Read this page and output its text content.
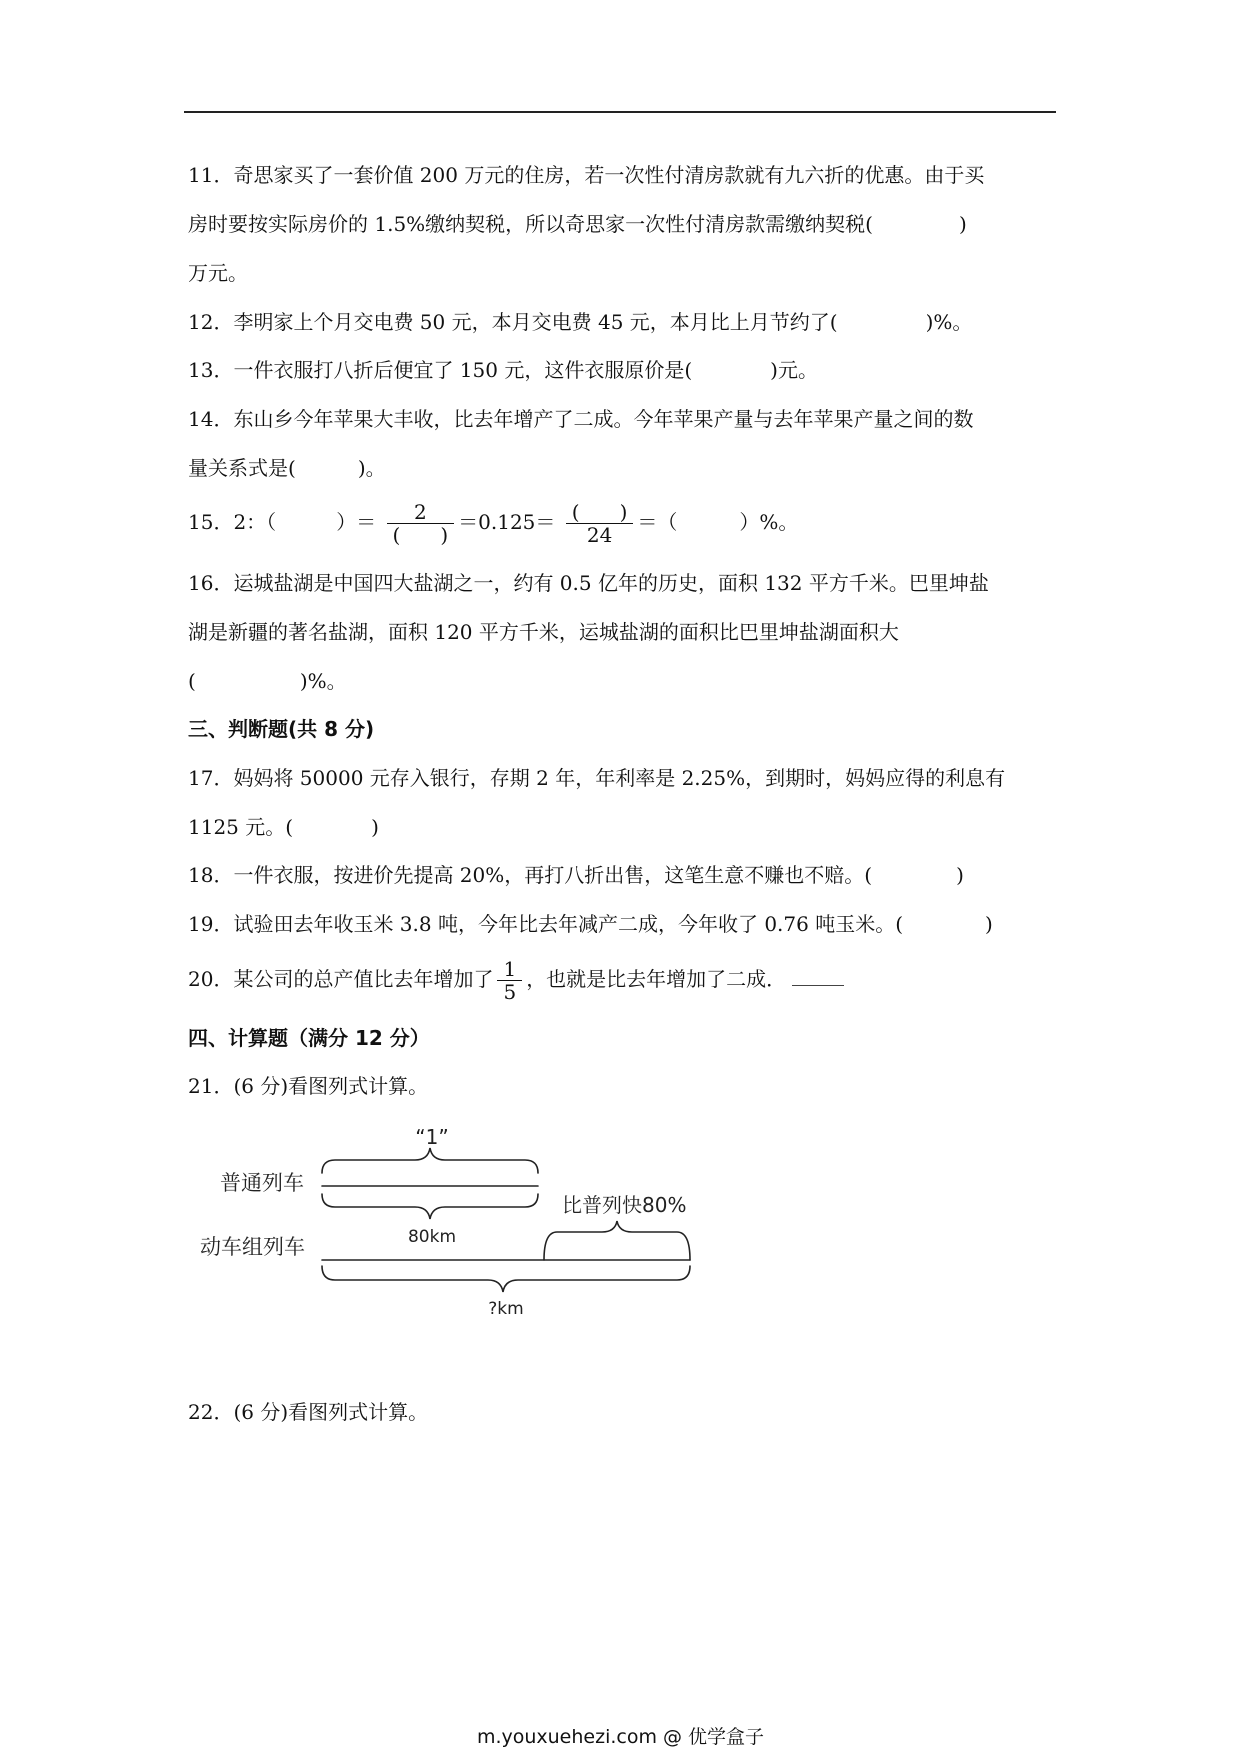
11．奇思家买了一套价值 200 万元的住房，若一次性付清房款就有九六折的优惠。由于买
房时要按实际房价的 1.5%缴纳契税，所以奇思家一次性付清房款需缴纳契税(	)
万元。
12．李明家上个月交电费 50 元，本月交电费 45 元，本月比上月节约了(	)%。
13．一件衣服打八折后便宜了 150 元，这件衣服原价是(	)元。
14．东山乡今年苹果大丰收，比去年增产了二成。今年苹果产量与去年苹果产量之间的数
量关系式是(	)。
15．2：（	）＝ $\frac{2}{( )} =0.125= \frac{( )}{24}$ ＝（	）%。
16．运城盐湖是中国四大盐湖之一，约有 0.5 亿年的历史，面积 132 平方千米。巴里坤盐
湖是新疆的著名盐湖，面积 120 平方千米，运城盐湖的面积比巴里坤盐湖面积大
(	)%。
三、判断题(共 8 分)
17．妈妈将 50000 元存入银行，存期 2 年，年利率是 2.25%，到期时，妈妈应得的利息有
1125 元。(	)
18．一件衣服，按进价先提高 20%，再打八折出售，这笔生意不赚也不赔。(	)
19．试验田去年收玉米 3.8 吨，今年比去年减产二成，今年收了 0.76 吨玉米。(	)
20．某公司的总产值比去年增加了 $\frac{1}{5}$ ，也就是比去年增加了二成．
四、计算题（满分 12 分）
21．(6 分)看图列式计算。
“1”
普通列车
动车组列车
比普列快80%
80km
?km
22．(6 分)看图列式计算。
m.youxuehezi.com @ 优学盒子
